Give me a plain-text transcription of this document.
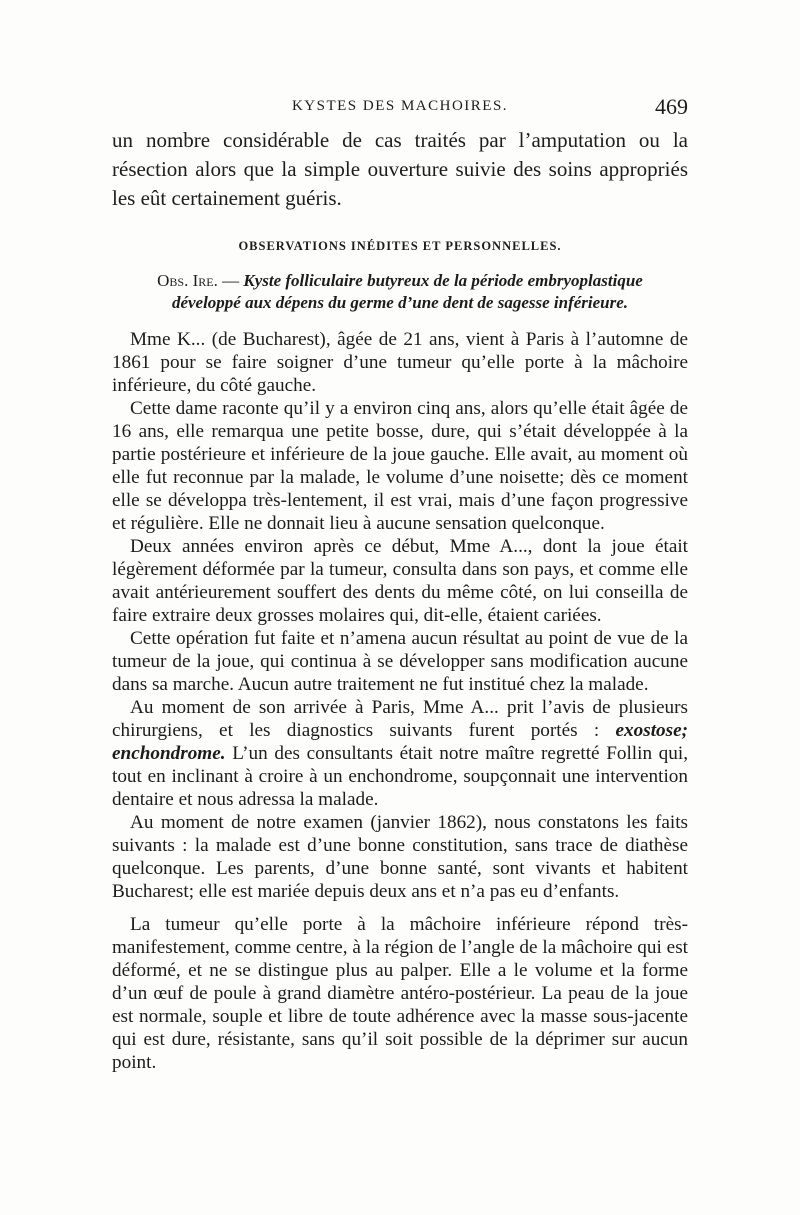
KYSTES DES MACHOIRES.	469

un nombre considérable de cas traités par l’amputation ou la résection alors que la simple ouverture suivie des soins appropriés les eût certainement guéris.

OBSERVATIONS INÉDITES ET PERSONNELLES.
Obs. Ire. — Kyste folliculaire butyreux de la période embryoplastique
développé aux dépens du germe d’une dent de sagesse inférieure.

Mme K... (de Bucharest), âgée de 21 ans, vient à Paris à l’automne de 1861 pour se faire soigner d’une tumeur qu’elle porte à la mâchoire inférieure, du côté gauche.

Cette dame raconte qu’il y a environ cinq ans, alors qu’elle était âgée de 16 ans, elle remarqua une petite bosse, dure, qui s’était développée à la partie postérieure et inférieure de la joue gauche. Elle avait, au moment où elle fut reconnue par la malade, le volume d’une noisette; dès ce moment elle se développa très-lentement, il est vrai, mais d’une façon progressive et régulière. Elle ne donnait lieu à aucune sensation quelconque.

Deux années environ après ce début, Mme A..., dont la joue était légèrement déformée par la tumeur, consulta dans son pays, et comme elle avait antérieurement souffert des dents du même côté, on lui conseilla de faire extraire deux grosses molaires qui, dit-elle, étaient cariées.

Cette opération fut faite et n’amena aucun résultat au point de vue de la tumeur de la joue, qui continua à se développer sans modification aucune dans sa marche. Aucun autre traitement ne fut institué chez la malade.

Au moment de son arrivée à Paris, Mme A... prit l’avis de plusieurs chirurgiens, et les diagnostics suivants furent portés : exostose; enchondrome. L’un des consultants était notre maître regretté Follin qui, tout en inclinant à croire à un enchondrome, soupçonnait une intervention dentaire et nous adressa la malade.

Au moment de notre examen (janvier 1862), nous constatons les faits suivants : la malade est d’une bonne constitution, sans trace de diathèse quelconque. Les parents, d’une bonne santé, sont vivants et habitent Bucharest; elle est mariée depuis deux ans et n’a pas eu d’enfants.

La tumeur qu’elle porte à la mâchoire inférieure répond très-manifestement, comme centre, à la région de l’angle de la mâchoire qui est déformé, et ne se distingue plus au palper. Elle a le volume et la forme d’un œuf de poule à grand diamètre antéro-postérieur. La peau de la joue est normale, souple et libre de toute adhérence avec la masse sous-jacente qui est dure, résistante, sans qu’il soit possible de la déprimer sur aucun point.
